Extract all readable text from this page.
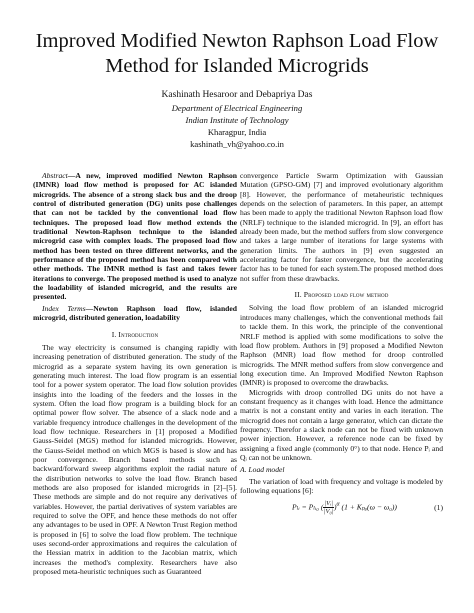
Improved Modified Newton Raphson Load Flow
Method for Islanded Microgrids
Kashinath Hesaroor and Debapriya Das
Department of Electrical Engineering
Indian Institute of Technology
Kharagpur, India
kashinath_vh@yahoo.co.in
Abstract—A new, improved modified Newton Raphson (IMNR) load flow method is proposed for AC islanded microgrids. The absence of a strong slack bus and the droop control of distributed generation (DG) units pose challenges that can not be tackled by the conventional load flow techniques. The proposed load flow method extends the traditional Newton-Raphson technique to the islanded microgrid case with complex loads. The proposed load flow method has been tested on three different networks, and the performance of the proposed method has been compared with other methods. The IMNR method is fast and takes fewer iterations to converge. The proposed method is used to analyze the loadability of islanded microgrid, and the results are presented.
Index Terms—Newton Raphson load flow, islanded microgrid, distributed generation, loadability
I. Introduction

The way electricity is consumed is changing rapidly with increasing penetration of distributed generation. The study of the microgrid as a separate system having its own generation is generating much interest. The load flow program is an essential tool for a power system operator. The load flow solution provides insights into the loading of the feeders and the losses in the system. Often the load flow program is a building block for an optimal power flow solver. The absence of a slack node and a variable frequency introduce challenges in the development of the load flow technique. Researchers in [1] proposed a Modified Gauss-Seidel (MGS) method for islanded microgrids. However, the Gauss-Seidel method on which MGS is based is slow and has poor convergence. Branch based methods such as backward/forward sweep algorithms exploit the radial nature of the distribution networks to solve the load flow. Branch based methods are also proposed for islanded microgrids in [2]–[5]. These methods are simple and do not require any derivatives of variables. However, the partial derivatives of system variables are required to solve the OPF, and hence these methods do not offer any advantages to be used in OPF. A Newton Trust Region method is proposed in [6] to solve the load flow problem. The technique uses second-order approximations and requires the calculation of the Hessian matrix in addition to the Jacobian matrix, which increases the method's complexity. Researchers have also proposed meta-heuristic techniques such as Guaranteed

convergence Particle Swarm Optimization with Gaussian Mutation (GPSO-GM) [7] and improved evolutionary algorithm [8]. However, the performance of metaheuristic techniques depends on the selection of parameters. In this paper, an attempt has been made to apply the traditional Newton Raphson load flow (NRLF) technique to the islanded microgrid. In [9], an effort has already been made, but the method suffers from slow convergence and takes a large number of iterations for large systems with generation limits. The authors in [9] even suggested an accelerating factor for faster convergence, but the accelerating factor has to be tuned for each system.The proposed method does not suffer from these drawbacks.

II. Proposed load flow method

Solving the load flow problem of an islanded microgrid introduces many challenges, which the conventional methods fail to tackle them. In this work, the principle of the conventional NRLF method is applied with some modifications to solve the load flow problem. Authors in [9] proposed a Modified Newton Raphson (MNR) load flow method for droop controlled microgrids. The MNR method suffers from slow convergence and long execution time. An Improved Modified Newton Raphson (IMNR) is proposed to overcome the drawbacks.

Microgrids with droop controlled DG units do not have a constant frequency as it changes with load. Hence the admittance matrix is not a constant entity and varies in each iteration. The microgrid does not contain a large generator, which can dictate the frequency. Therefor a slack node can not be fixed with unknown power injection. However, a reference node can be fixed by assigning a fixed angle (commonly 0°) to that node. Hence Pᵢ and Qᵢ can not be unknown.

A. Load model

The variation of load with frequency and voltage is modeled by following equations [6]:

Pₗᵢ = Pₗᵢ₀ ( $\frac{\text{|Vᵢ|}}{\text{|V₀|}} )^\alpha$ (1 + Kₚᵨ(ω − ω₀))	(1)
